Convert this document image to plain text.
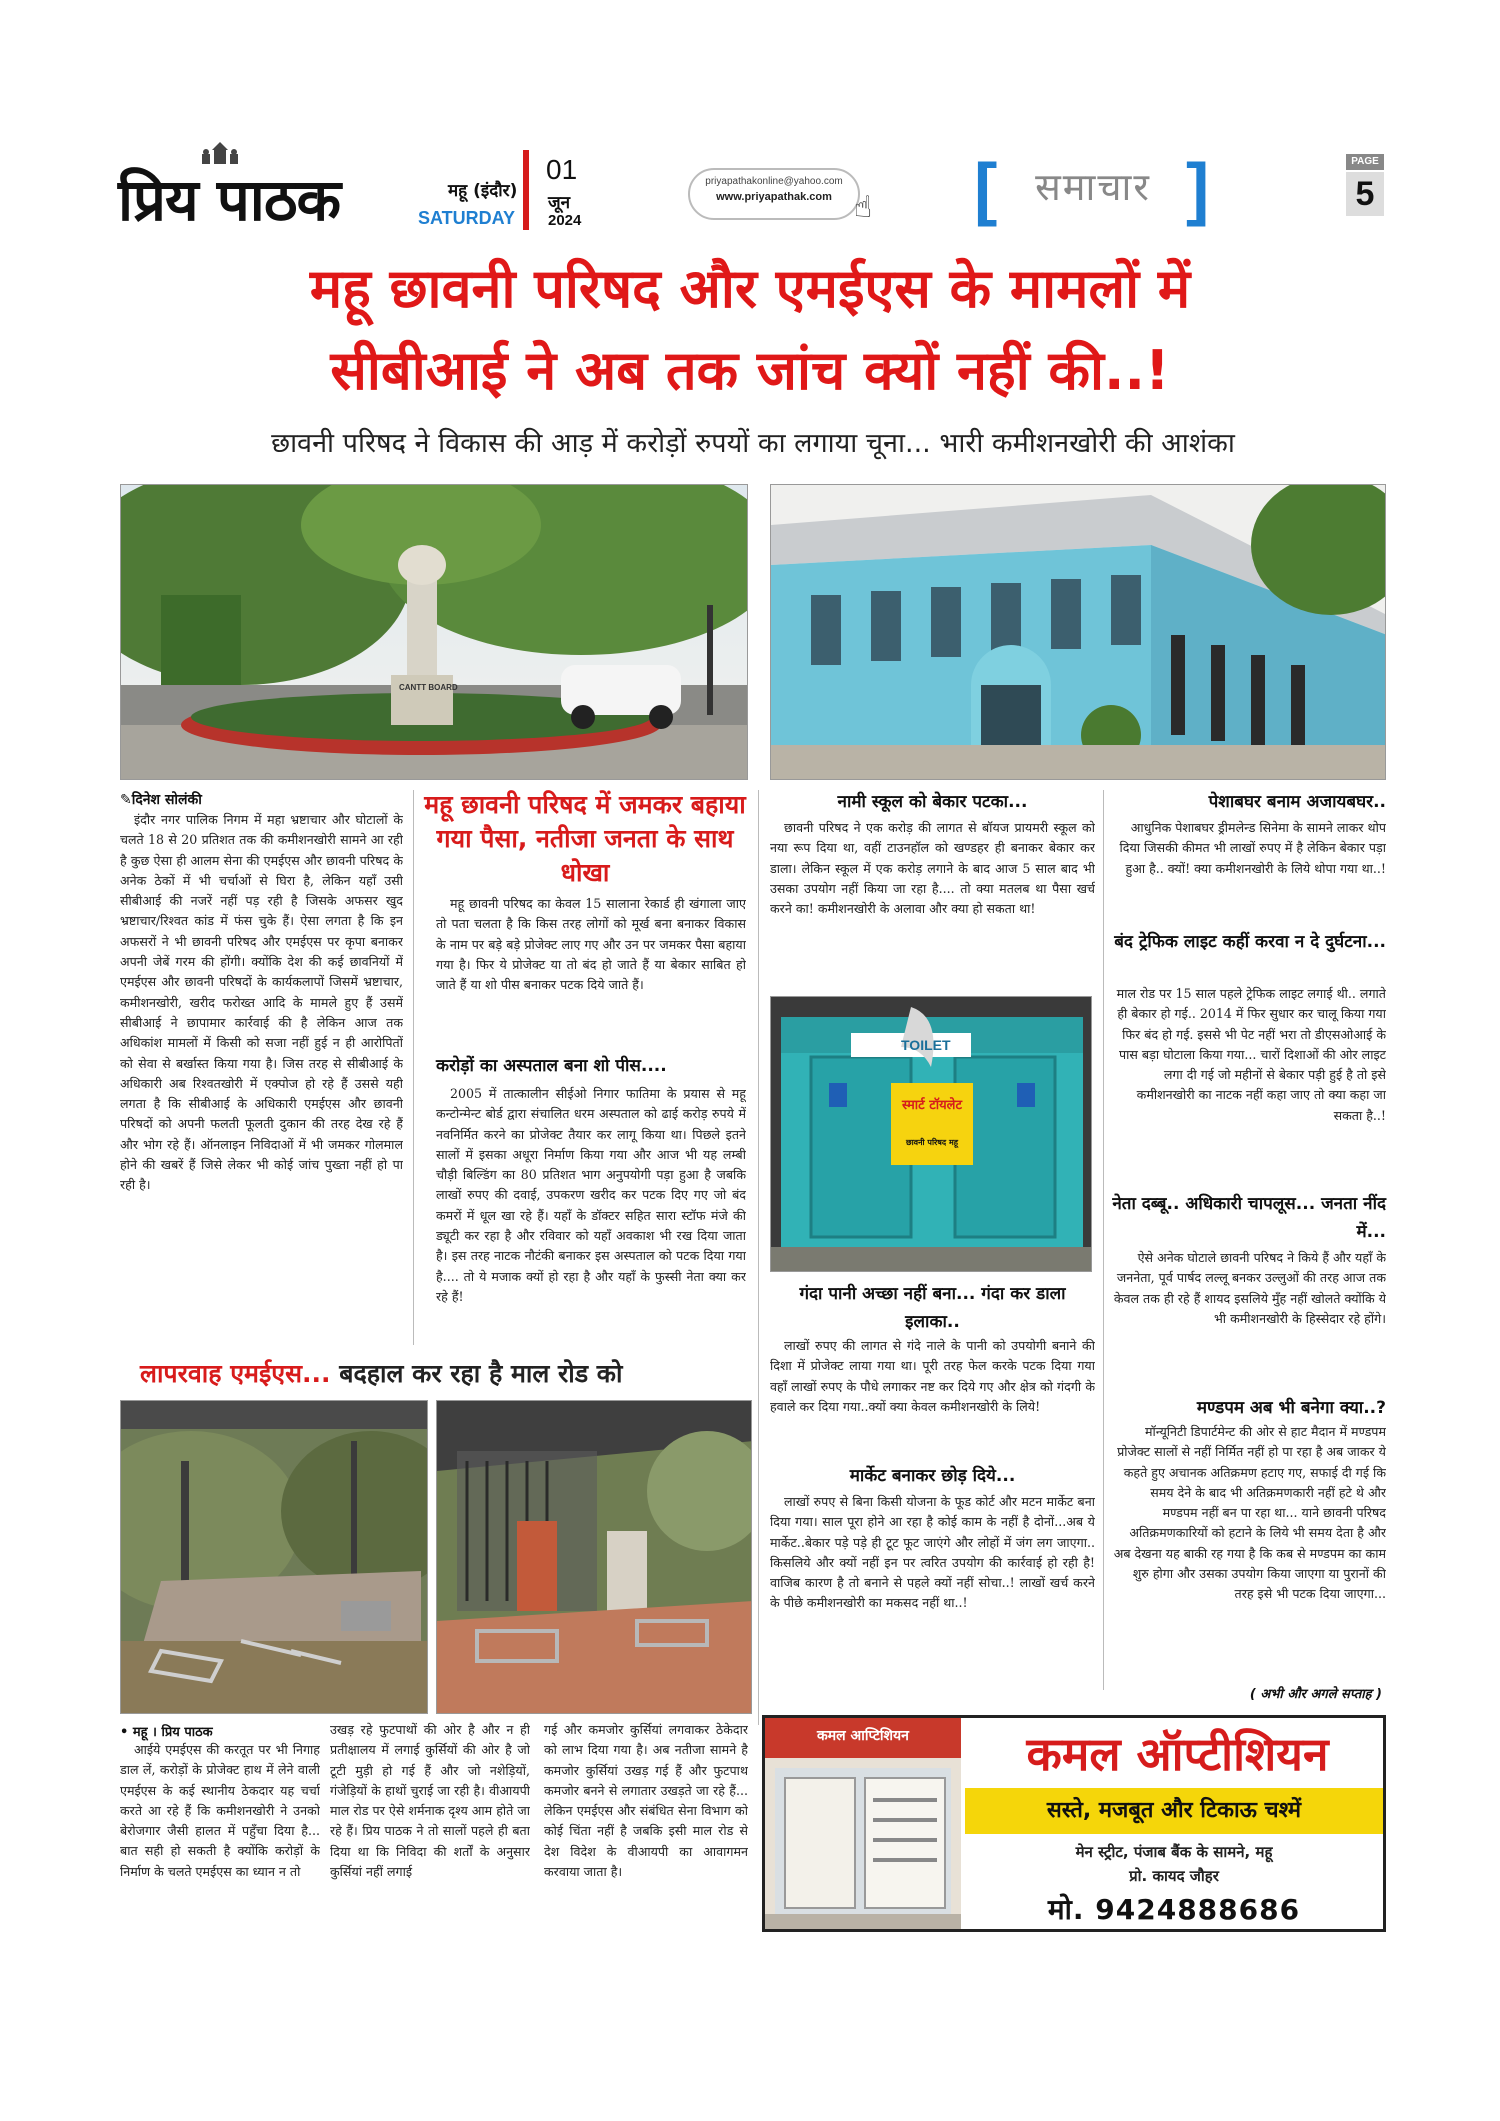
प्रिय पाठक	महू (इंदौर)
SATURDAY
01
जून
2024
priyapathakonline@yahoo.com
www.priyapathak.com ☝ [ समाचार ]	PAGE
5
महू छावनी परिषद और एमईएस के मामलों में
सीबीआई ने अब तक जांच क्यों नहीं की..!
छावनी परिषद ने विकास की आड़ में करोड़ों रुपयों का लगाया चूना... भारी कमीशनखोरी की आशंका
CANTT BOARD
✎दिनेश सोलंकी

इंदौर नगर पालिक निगम में महा भ्रष्टाचार और घोटालों के चलते 18 से 20 प्रतिशत तक की कमीशनखोरी सामने आ रही है कुछ ऐसा ही आलम सेना की एमईएस और छावनी परिषद के अनेक ठेकों में भी चर्चाओं से घिरा है, लेकिन यहाँ उसी सीबीआई की नजरें नहीं पड़ रही है जिसके अफसर खुद भ्रष्टाचार/रिश्वत कांड में फंस चुके हैं। ऐसा लगता है कि इन अफसरों ने भी छावनी परिषद और एमईएस पर कृपा बनाकर अपनी जेबें गरम की होंगी। क्योंकि देश की कई छावनियों में एमईएस और छावनी परिषदों के कार्यकलापों जिसमें भ्रष्टाचार, कमीशनखोरी, खरीद फरोख्त आदि के मामले हुए हैं उसमें सीबीआई ने छापामार कार्रवाई की है लेकिन आज तक अधिकांश मामलों में किसी को सजा नहीं हुई न ही आरोपितों को सेवा से बर्खास्त किया गया है। जिस तरह से सीबीआई के अधिकारी अब रिश्वतखोरी में एक्पोज हो रहे हैं उससे यही लगता है कि सीबीआई के अधिकारी एमईएस और छावनी परिषदों को अपनी फलती फूलती दुकान की तरह देख रहे हैं और भोग रहे हैं। ऑनलाइन निविदाओं में भी जमकर गोलमाल होने की खबरें हैं जिसे लेकर भी कोई जांच पुख्ता नहीं हो पा रही है।

महू छावनी परिषद में जमकर बहाया गया पैसा, नतीजा जनता के साथ धोखा

महू छावनी परिषद का केवल 15 सालाना रेकार्ड ही खंगाला जाए तो पता चलता है कि किस तरह लोगों को मूर्ख बना बनाकर विकास के नाम पर बड़े बड़े प्रोजेक्ट लाए गए और उन पर जमकर पैसा बहाया गया है। फिर ये प्रोजेक्ट या तो बंद हो जाते हैं या बेकार साबित हो जाते हैं या शो पीस बनाकर पटक दिये जाते हैं।

करोड़ों का अस्पताल बना शो पीस....

2005 में तात्कालीन सीईओ निगार फातिमा के प्रयास से महू कन्टोन्मेन्ट बोर्ड द्वारा संचालित धरम अस्पताल को ढाई करोड़ रुपये में नवनिर्मित करने का प्रोजेक्ट तैयार कर लागू किया था। पिछले इतने सालों में इसका अधूरा निर्माण किया गया और आज भी यह लम्बी चौड़ी बिल्डिंग का 80 प्रतिशत भाग अनुपयोगी पड़ा हुआ है जबकि लाखों रुपए की दवाई, उपकरण खरीद कर पटक दिए गए जो बंद कमरों में धूल खा रहे हैं। यहाँ के डॉक्टर सहित सारा स्टॉफ मंजे की ड्यूटी कर रहा है और रविवार को यहाँ अवकाश भी रख दिया जाता है। इस तरह नाटक नौटंकी बनाकर इस अस्पताल को पटक दिया गया है.... तो ये मजाक क्यों हो रहा है और यहाँ के फुस्सी नेता क्या कर रहे हैं!

नामी स्कूल को बेकार पटका...

छावनी परिषद ने एक करोड़ की लागत से बॉयज प्रायमरी स्कूल को नया रूप दिया था, वहीं टाउनहॉल को खण्डहर ही बनाकर बेकार कर डाला। लेकिन स्कूल में एक करोड़ लगाने के बाद आज 5 साल बाद भी उसका उपयोग नहीं किया जा रहा है.... तो क्या मतलब था पैसा खर्च करने का! कमीशनखोरी के अलावा और क्या हो सकता था!

TOILET
स्मार्ट टॉयलेट
छावनी परिषद महू
गंदा पानी अच्छा नहीं बना... गंदा कर डाला इलाका..

लाखों रुपए की लागत से गंदे नाले के पानी को उपयोगी बनाने की दिशा में प्रोजेक्ट लाया गया था। पूरी तरह फेल करके पटक दिया गया वहाँ लाखों रुपए के पौधे लगाकर नष्ट कर दिये गए और क्षेत्र को गंदगी के हवाले कर दिया गया..क्यों क्या केवल कमीशनखोरी के लिये!

मार्केट बनाकर छोड़ दिये...

लाखों रुपए से बिना किसी योजना के फूड कोर्ट और मटन मार्केट बना दिया गया। साल पूरा होने आ रहा है कोई काम के नहीं है दोनों...अब ये मार्केट..बेकार पड़े पड़े ही टूट फूट जाएंगे और लोहों में जंग लग जाएगा.. किसलिये और क्यों नहीं इन पर त्वरित उपयोग की कार्रवाई हो रही है! वाजिब कारण है तो बनाने से पहले क्यों नहीं सोचा..! लाखों खर्च करने के पीछे कमीशनखोरी का मकसद नहीं था..!

पेशाबघर बनाम अजायबघर..

आधुनिक पेशाबघर ड्रीमलेन्ड सिनेमा के सामने लाकर थोप दिया जिसकी कीमत भी लाखों रुपए में है लेकिन बेकार पड़ा हुआ है.. क्यों! क्या कमीशनखोरी के लिये थोपा गया था..!

बंद ट्रेफिक लाइट कहीं करवा न दे दुर्घटना...

माल रोड पर 15 साल पहले ट्रेफिक लाइट लगाई थी.. लगाते ही बेकार हो गई.. 2014 में फिर सुधार कर चालू किया गया फिर बंद हो गई. इससे भी पेट नहीं भरा तो डीएसओआई के पास बड़ा घोटाला किया गया... चारों दिशाओं की ओर लाइट लगा दी गई जो महीनों से बेकार पड़ी हुई है तो इसे कमीशनखोरी का नाटक नहीं कहा जाए तो क्या कहा जा सकता है..!

नेता दब्बू.. अधिकारी चापलूस... जनता नींद में...

ऐसे अनेक घोटाले छावनी परिषद ने किये हैं और यहाँ के जननेता, पूर्व पार्षद लल्लू बनकर उल्लुओं की तरह आज तक केवल तक ही रहे हैं शायद इसलिये मुँह नहीं खोलते क्योंकि ये भी कमीशनखोरी के हिस्सेदार रहे होंगे।

मण्डपम अब भी बनेगा क्या..?

मॉन्यूनिटी डिपार्टमेन्ट की ओर से हाट मैदान में मण्डपम प्रोजेक्ट सालों से नहीं निर्मित नहीं हो पा रहा है अब जाकर ये कहते हुए अचानक अतिक्रमण हटाए गए, सफाई दी गई कि समय देने के बाद भी अतिक्रमणकारी नहीं हटे थे और मण्डपम नहीं बन पा रहा था... याने छावनी परिषद अतिक्रमणकारियों को हटाने के लिये भी समय देता है और अब देखना यह बाकी रह गया है कि कब से मण्डपम का काम शुरु होगा और उसका उपयोग किया जाएगा या पुरानों की तरह इसे भी पटक दिया जाएगा...

( अभी और अगले सप्ताह )
लापरवाह एमईएस... बदहाल कर रहा है माल रोड को
• महू । प्रिय पाठक

आईये एमईएस की करतूत पर भी निगाह डाल लें, करोड़ों के प्रोजेक्ट हाथ में लेने वाली एमईएस के कई स्थानीय ठेकदार यह चर्चा करते आ रहे हैं कि कमीशनखोरी ने उनको बेरोजगार जैसी हालत में पहुँचा दिया है... बात सही हो सकती है क्योंकि करोड़ों के निर्माण के चलते एमईएस का ध्यान न तो

उखड़ रहे फुटपाथों की ओर है और न ही प्रतीक्षालय में लगाई कुर्सियों की ओर है जो टूटी मुड़ी हो गई हैं और जो नशेड़ियों, गंजेड़ियों के हाथों चुराई जा रही है। वीआयपी माल रोड पर ऐसे शर्मनाक दृश्य आम होते जा रहे हैं। प्रिय पाठक ने तो सालों पहले ही बता दिया था कि निविदा की शर्तों के अनुसार कुर्सियां नहीं लगाई

गई और कमजोर कुर्सियां लगवाकर ठेकेदार को लाभ दिया गया है। अब नतीजा सामने है कमजोर कुर्सियां उखड़ गई हैं और फुटपाथ कमजोर बनने से लगातार उखड़ते जा रहे हैं... लेकिन एमईएस और संबंधित सेना विभाग को कोई चिंता नहीं है जबकि इसी माल रोड से देश विदेश के वीआयपी का आवागमन करवाया जाता है।

कमल आप्टिशियन	कमल ऑप्टीशियन
सस्ते, मजबूत और टिकाऊ चश्में
मेन स्ट्रीट, पंजाब बैंक के सामने, महू
प्रो. कायद जौहर
मो. 9424888686
